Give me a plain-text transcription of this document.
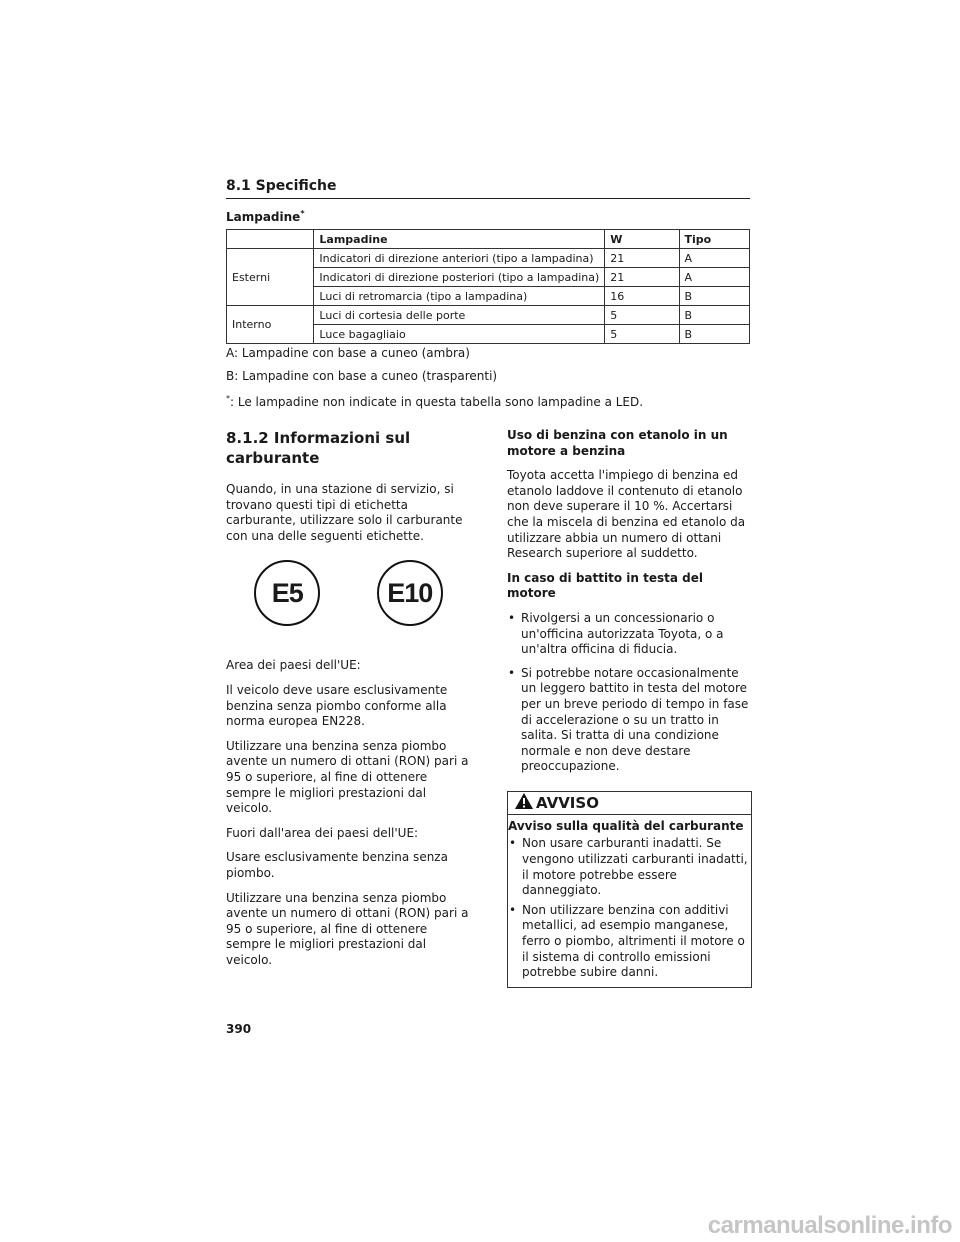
8.1 Specifiche
Lampadine*
	Lampadine	W	Tipo
Esterni	Indicatori di direzione anteriori (tipo a lampadina)	21	A
	Indicatori di direzione posteriori (tipo a lampadina)	21	A
	Luci di retromarcia (tipo a lampadina)	16	B
Interno	Luci di cortesia delle porte	5	B
	Luce bagagliaio	5	B
A: Lampadine con base a cuneo (ambra)
B: Lampadine con base a cuneo (trasparenti)
*: Le lampadine non indicate in questa tabella sono lampadine a LED.
8.1.2 Informazioni sul carburante

Quando, in una stazione di servizio, si trovano questi tipi di etichetta carburante, utilizzare solo il carburante con una delle seguenti etichette.

E5	E10

Area dei paesi dell'UE:

Il veicolo deve usare esclusivamente benzina senza piombo conforme alla norma europea EN228.

Utilizzare una benzina senza piombo avente un numero di ottani (RON) pari a 95 o superiore, al fine di ottenere sempre le migliori prestazioni dal veicolo.

Fuori dall'area dei paesi dell'UE:

Usare esclusivamente benzina senza piombo.

Utilizzare una benzina senza piombo avente un numero di ottani (RON) pari a 95 o superiore, al fine di ottenere sempre le migliori prestazioni dal veicolo.

Uso di benzina con etanolo in un motore a benzina

Toyota accetta l'impiego di benzina ed etanolo laddove il contenuto di etanolo non deve superare il 10 %. Accertarsi che la miscela di benzina ed etanolo da utilizzare abbia un numero di ottani Research superiore al suddetto.

In caso di battito in testa del motore

• Rivolgersi a un concessionario o un'officina autorizzata Toyota, o a un'altra officina di fiducia.
• Si potrebbe notare occasionalmente un leggero battito in testa del motore per un breve periodo di tempo in fase di accelerazione o su un tratto in salita. Si tratta di una condizione normale e non deve destare preoccupazione.
AVVISO
Avviso sulla qualità del carburante
• Non usare carburanti inadatti. Se vengono utilizzati carburanti inadatti, il motore potrebbe essere danneggiato.
• Non utilizzare benzina con additivi metallici, ad esempio manganese, ferro o piombo, altrimenti il motore o il sistema di controllo emissioni potrebbe subire danni.
390
carmanualsonline.info
